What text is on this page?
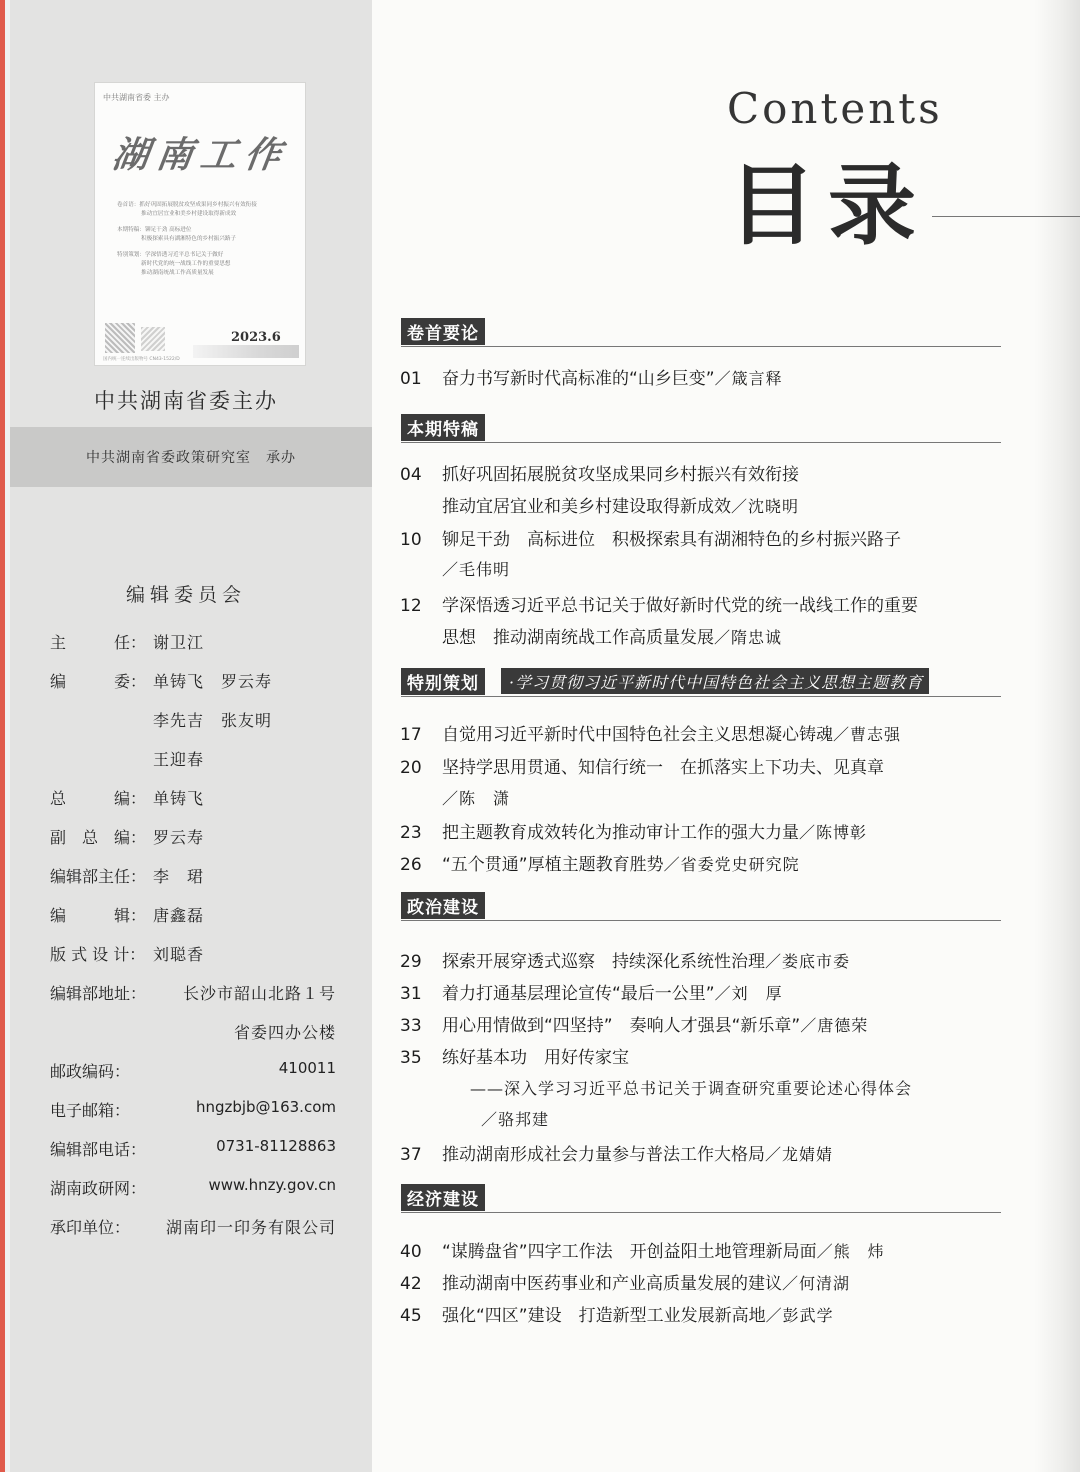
中共湖南省委 主办
湖南工作
卷首语：抓好巩固拓展脱贫攻坚成果同乡村振兴有效衔接
推动宜居宜业和美乡村建设取得新成效
本期特稿：铆足干劲 高标进位
积极探索具有湖湘特色的乡村振兴路子
特别策划：学深悟透习近平总书记关于做好
新时代党的统一战线工作的重要思想
推动湖南统战工作高质量发展
国内统一连续出版物号 CN43-1522/D
2023.6
中共湖南省委主办
中共湖南省委政策研究室　承办
编辑委员会
主　　　任： 谢卫江
编　　　委： 单铸飞　罗云寿
李先吉　张友明
王迎春
总　　　编： 单铸飞
副　总　编： 罗云寿
编辑部主任： 李　珺
编　　　辑： 唐鑫磊
版 式 设 计： 刘聪香
编辑部地址： 长沙市韶山北路１号
省委四办公楼
邮政编码：	410011
电子邮箱：	hngzbjb@163.com
编辑部电话：	0731-81128863
湖南政研网：	www.hnzy.gov.cn
承印单位： 湖南印一印务有限公司
Contents
目录
卷首要论
01 奋力书写新时代高标准的“山乡巨变”／箴言释
本期特稿
04 抓好巩固拓展脱贫攻坚成果同乡村振兴有效衔接
推动宜居宜业和美乡村建设取得新成效／沈晓明
10 铆足干劲　高标进位　积极探索具有湖湘特色的乡村振兴路子
／毛伟明
12 学深悟透习近平总书记关于做好新时代党的统一战线工作的重要
思想　推动湖南统战工作高质量发展／隋忠诚
特别策划	·学习贯彻习近平新时代中国特色社会主义思想主题教育
17 自觉用习近平新时代中国特色社会主义思想凝心铸魂／曹志强
20 坚持学思用贯通、知信行统一　在抓落实上下功夫、见真章
／陈　潇
23 把主题教育成效转化为推动审计工作的强大力量／陈博彰
26 “五个贯通”厚植主题教育胜势／省委党史研究院
政治建设
29 探索开展穿透式巡察　持续深化系统性治理／娄底市委
31 着力打通基层理论宣传“最后一公里”／刘　厚
33 用心用情做到“四坚持”　奏响人才强县“新乐章”／唐德荣
35 练好基本功　用好传家宝
——深入学习习近平总书记关于调查研究重要论述心得体会
／骆邦建
37 推动湖南形成社会力量参与普法工作大格局／龙婧婧
经济建设
40 “谋腾盘省”四字工作法　开创益阳土地管理新局面／熊　炜
42 推动湖南中医药事业和产业高质量发展的建议／何清湖
45 强化“四区”建设　打造新型工业发展新高地／彭武学
